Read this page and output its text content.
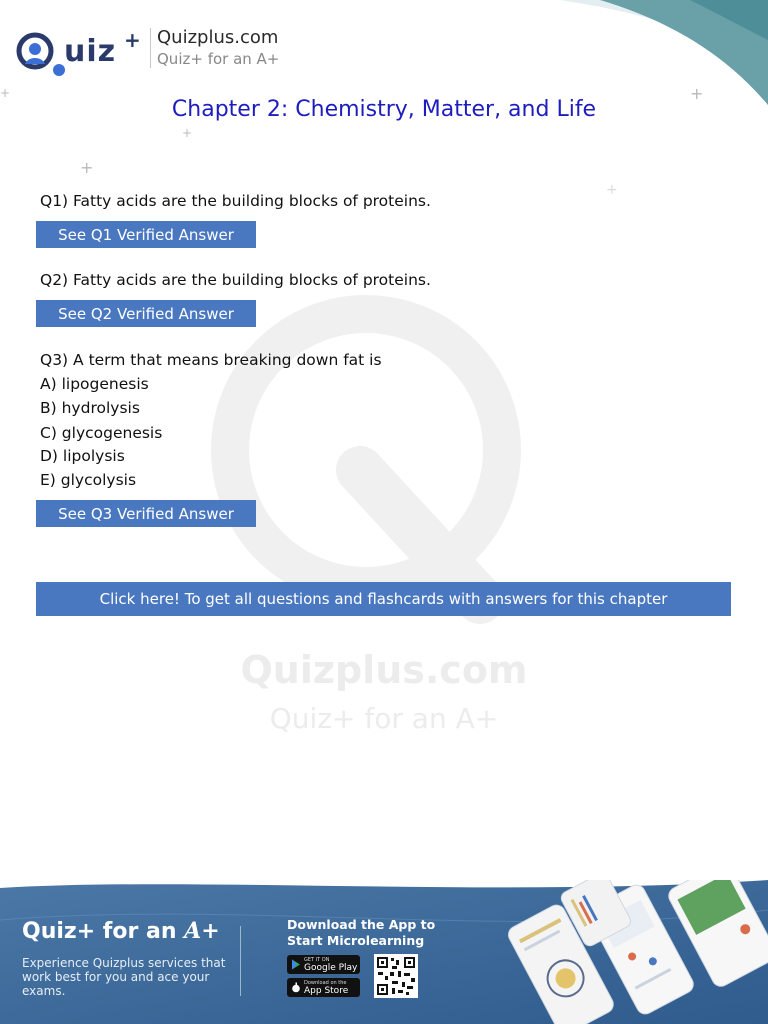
Quizplus.com
Quiz+ for an A+
uiz + Quizplus.com
Quiz+ for an A+
+
+
+
+
+
Chapter 2: Chemistry, Matter, and Life
Q1) Fatty acids are the building blocks of proteins.
See Q1 Verified Answer
Q2) Fatty acids are the building blocks of proteins.
See Q2 Verified Answer
Q3) A term that means breaking down fat is
A) lipogenesis
B) hydrolysis
C) glycogenesis
D) lipolysis
E) glycolysis
See Q3 Verified Answer
Click here! To get all questions and flashcards with answers for this chapter
Quiz+ for an A+
Experience Quizplus services that work best for you and ace your exams.
Download the App to Start Microlearning
GET IT ON
Google Play
Download on the
App Store
